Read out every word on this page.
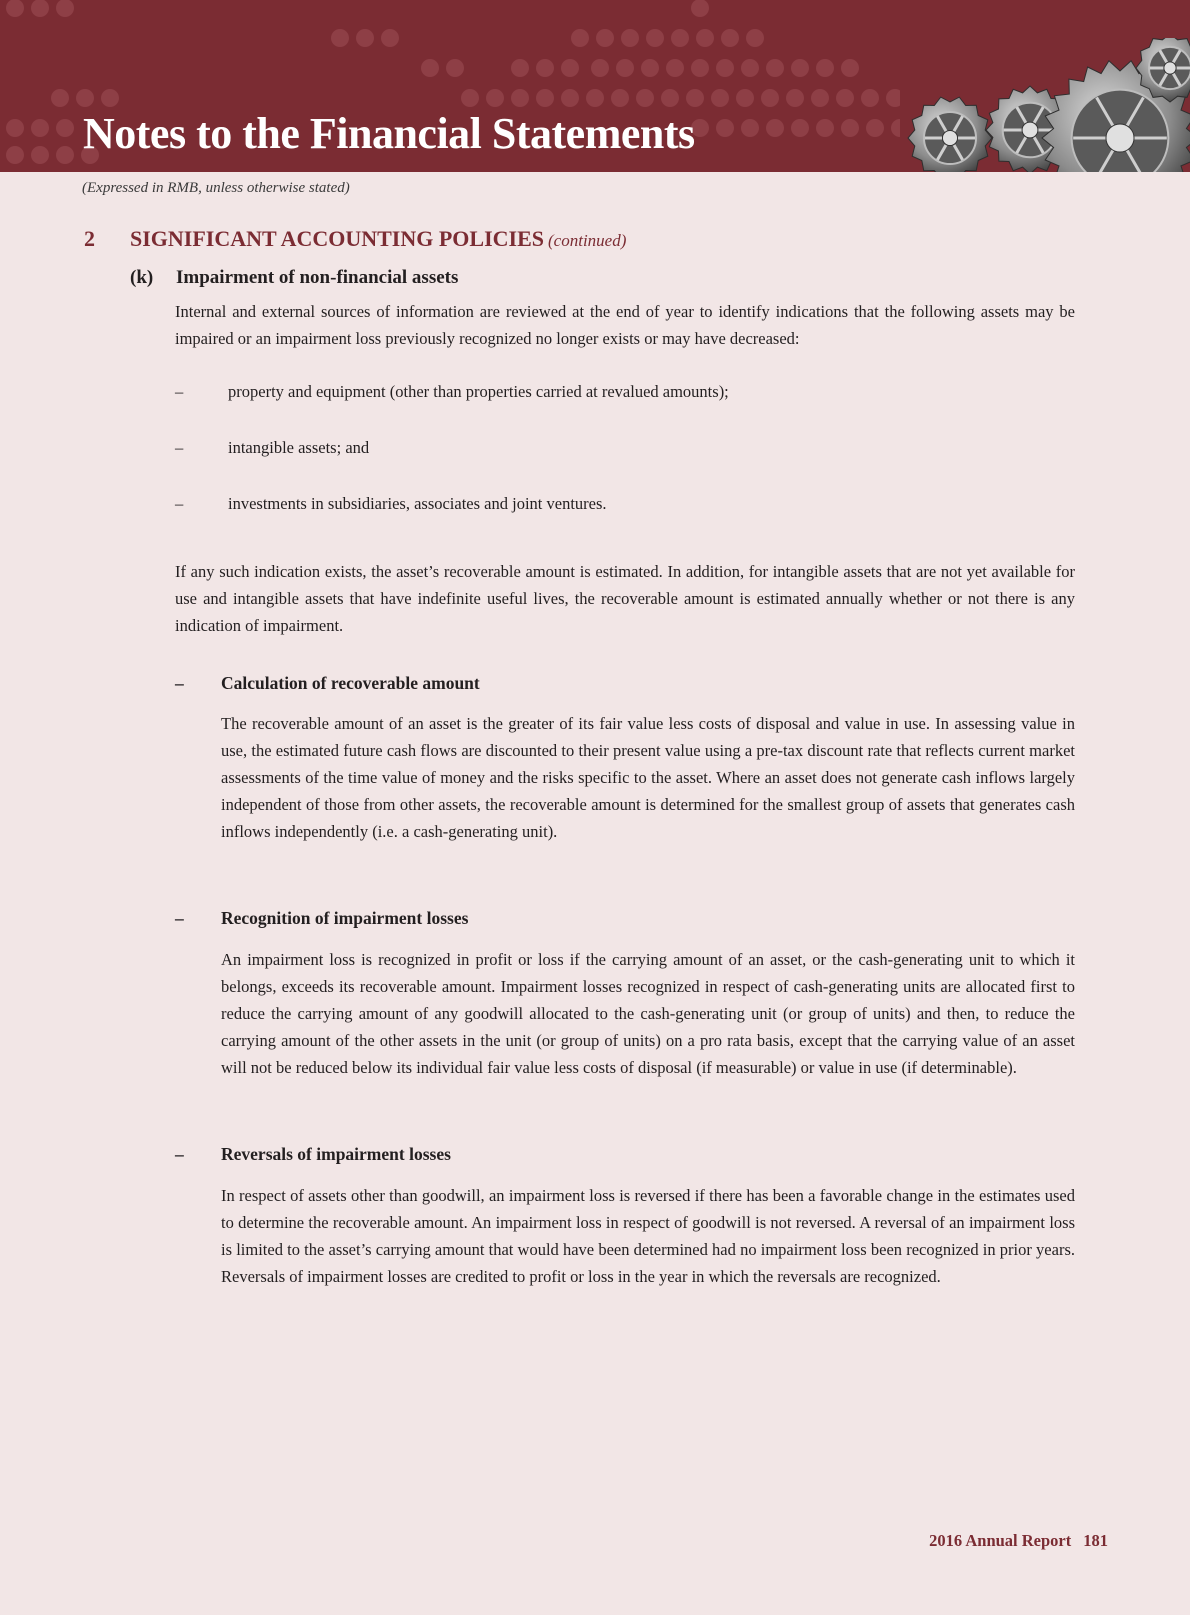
Notes to the Financial Statements
(Expressed in RMB, unless otherwise stated)
2 SIGNIFICANT ACCOUNTING POLICIES (continued)
(k) Impairment of non-financial assets

Internal and external sources of information are reviewed at the end of year to identify indications that the following assets may be impaired or an impairment loss previously recognized no longer exists or may have decreased:

–	property and equipment (other than properties carried at revalued amounts);
–	intangible assets; and
–	investments in subsidiaries, associates and joint ventures.

If any such indication exists, the asset’s recoverable amount is estimated. In addition, for intangible assets that are not yet available for use and intangible assets that have indefinite useful lives, the recoverable amount is estimated annually whether or not there is any indication of impairment.

– Calculation of recoverable amount

The recoverable amount of an asset is the greater of its fair value less costs of disposal and value in use. In assessing value in use, the estimated future cash flows are discounted to their present value using a pre-tax discount rate that reflects current market assessments of the time value of money and the risks specific to the asset. Where an asset does not generate cash inflows largely independent of those from other assets, the recoverable amount is determined for the smallest group of assets that generates cash inflows independently (i.e. a cash-generating unit).

– Recognition of impairment losses

An impairment loss is recognized in profit or loss if the carrying amount of an asset, or the cash-generating unit to which it belongs, exceeds its recoverable amount. Impairment losses recognized in respect of cash-generating units are allocated first to reduce the carrying amount of any goodwill allocated to the cash-generating unit (or group of units) and then, to reduce the carrying amount of the other assets in the unit (or group of units) on a pro rata basis, except that the carrying value of an asset will not be reduced below its individual fair value less costs of disposal (if measurable) or value in use (if determinable).

– Reversals of impairment losses

In respect of assets other than goodwill, an impairment loss is reversed if there has been a favorable change in the estimates used to determine the recoverable amount. An impairment loss in respect of goodwill is not reversed. A reversal of an impairment loss is limited to the asset’s carrying amount that would have been determined had no impairment loss been recognized in prior years. Reversals of impairment losses are credited to profit or loss in the year in which the reversals are recognized.

2016 Annual Report 181
